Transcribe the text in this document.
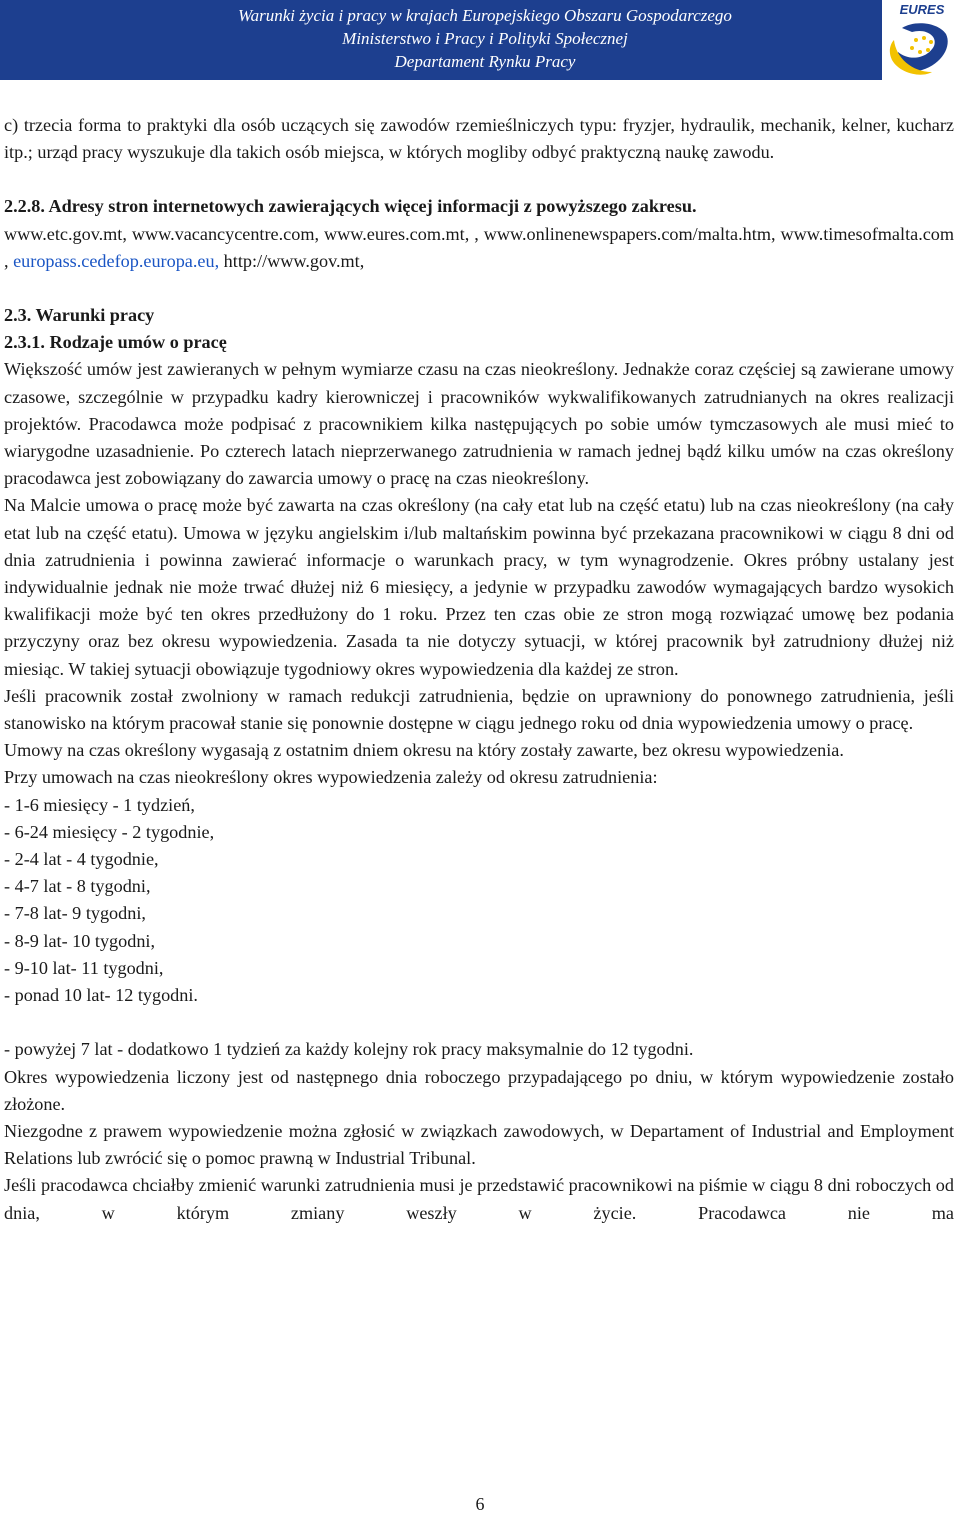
Warunki życia i pracy w krajach Europejskiego Obszaru Gospodarczego
Ministerstwo i Pracy i Polityki Społecznej
Departament Rynku Pracy
EURES

c) trzecia forma to praktyki dla osób uczących się zawodów rzemieślniczych typu: fryzjer, hydraulik, mechanik, kelner, kucharz itp.; urząd pracy wyszukuje dla takich osób miejsca, w których mogliby odbyć praktyczną naukę zawodu.

2.2.8. Adresy stron internetowych zawierających więcej informacji z powyższego zakresu.

www.etc.gov.mt, www.vacancycentre.com, www.eures.com.mt, , www.onlinenewspapers.com/malta.htm, www.timesofmalta.com , europass.cedefop.europa.eu, http://www.gov.mt,

2.3. Warunki pracy

2.3.1. Rodzaje umów o pracę

Większość umów jest zawieranych w pełnym wymiarze czasu na czas nieokreślony. Jednakże coraz częściej są zawierane umowy czasowe, szczególnie w przypadku kadry kierowniczej i pracowników wykwalifikowanych zatrudnianych na okres realizacji projektów. Pracodawca może podpisać z pracownikiem kilka następujących po sobie umów tymczasowych ale musi mieć to wiarygodne uzasadnienie. Po czterech latach nieprzerwanego zatrudnienia w ramach jednej bądź kilku umów na czas określony pracodawca jest zobowiązany do zawarcia umowy o pracę na czas nieokreślony.

Na Malcie umowa o pracę może być zawarta na czas określony (na cały etat lub na część etatu) lub na czas nieokreślony (na cały etat lub na część etatu). Umowa w języku angielskim i/lub maltańskim powinna być przekazana pracownikowi w ciągu 8 dni od dnia zatrudnienia i powinna zawierać informacje o warunkach pracy, w tym wynagrodzenie. Okres próbny ustalany jest indywidualnie jednak nie może trwać dłużej niż 6 miesięcy, a jedynie w przypadku zawodów wymagających bardzo wysokich kwalifikacji może być ten okres przedłużony do 1 roku. Przez ten czas obie ze stron mogą rozwiązać umowę bez podania przyczyny oraz bez okresu wypowiedzenia. Zasada ta nie dotyczy sytuacji, w której pracownik był zatrudniony dłużej niż miesiąc. W takiej sytuacji obowiązuje tygodniowy okres wypowiedzenia dla każdej ze stron.

Jeśli pracownik został zwolniony w ramach redukcji zatrudnienia, będzie on uprawniony do ponownego zatrudnienia, jeśli stanowisko na którym pracował stanie się ponownie dostępne w ciągu jednego roku od dnia wypowiedzenia umowy o pracę.

Umowy na czas określony wygasają z ostatnim dniem okresu na który zostały zawarte, bez okresu wypowiedzenia.

Przy umowach na czas nieokreślony okres wypowiedzenia zależy od okresu zatrudnienia:

- 1-6 miesięcy - 1 tydzień,
- 6-24 miesięcy - 2 tygodnie,
- 2-4 lat - 4 tygodnie,
- 4-7 lat - 8 tygodni,
- 7-8 lat- 9 tygodni,
- 8-9 lat- 10 tygodni,
- 9-10 lat- 11 tygodni,
- ponad 10 lat- 12 tygodni.

- powyżej 7 lat - dodatkowo 1 tydzień za każdy kolejny rok pracy maksymalnie do 12 tygodni.

Okres wypowiedzenia liczony jest od następnego dnia roboczego przypadającego po dniu, w którym wypowiedzenie zostało złożone.

Niezgodne z prawem wypowiedzenie można zgłosić w związkach zawodowych, w Departament of Industrial and Employment Relations lub zwrócić się o pomoc prawną w Industrial Tribunal.

Jeśli pracodawca chciałby zmienić warunki zatrudnienia musi je przedstawić pracownikowi na piśmie w ciągu 8 dni roboczych od dnia, w którym zmiany weszły w życie. Pracodawca nie ma

6
